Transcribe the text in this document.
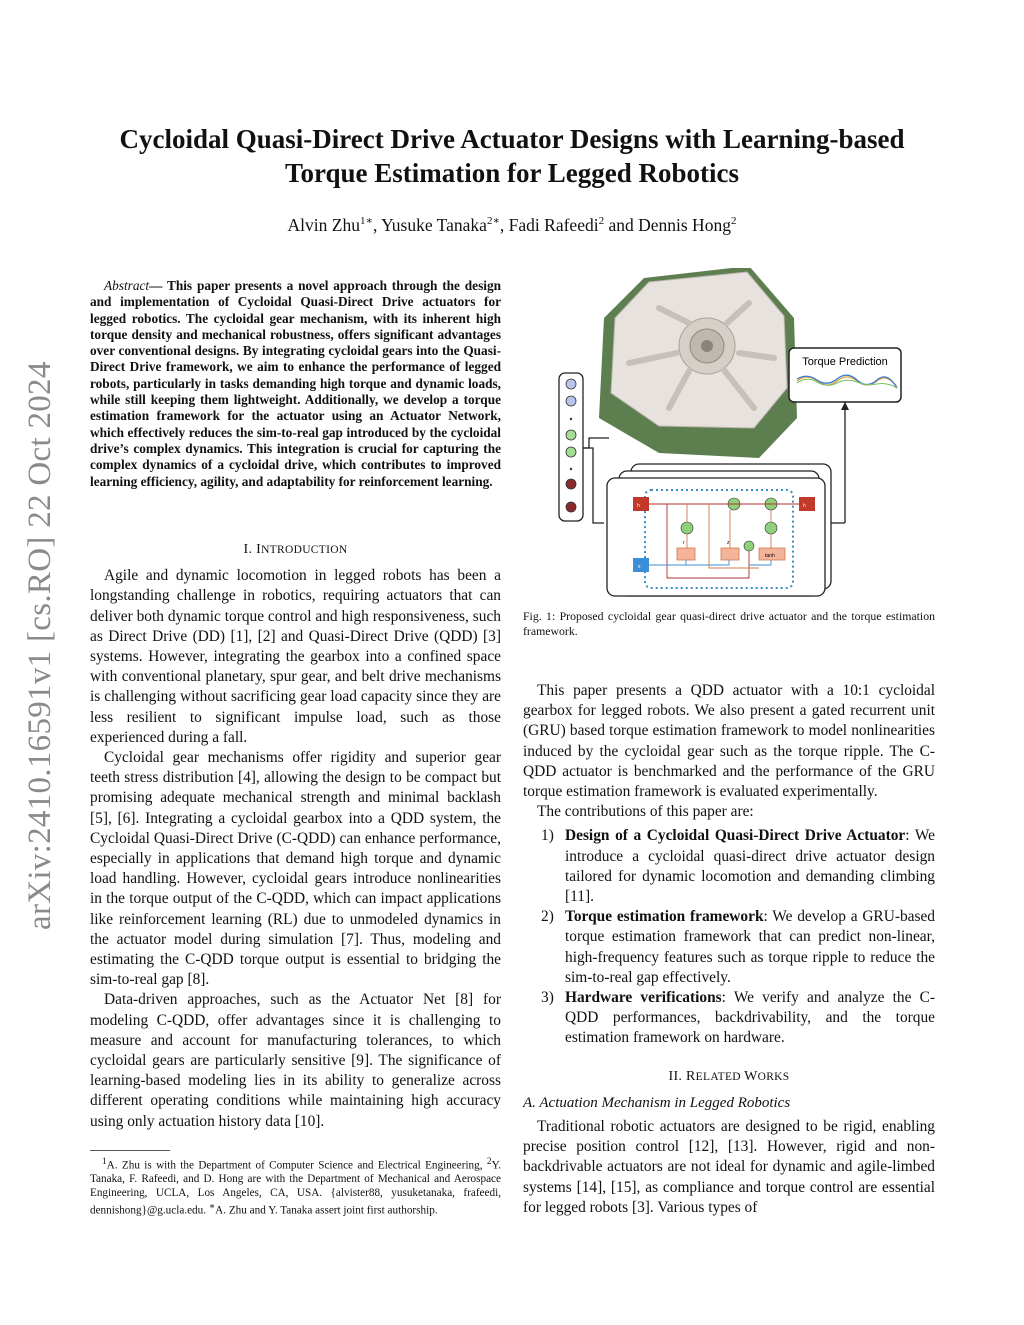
arXiv:2410.16591v1 [cs.RO] 22 Oct 2024
Cycloidal Quasi-Direct Drive Actuator Designs with Learning-based
Torque Estimation for Legged Robotics
Alvin Zhu$^{1∗}$, Yusuke Tanaka$^{2∗}$, Fadi Rafeedi$^2$ and Dennis Hong$^2$
Abstract— This paper presents a novel approach through the design and implementation of Cycloidal Quasi-Direct Drive actuators for legged robotics. The cycloidal gear mechanism, with its inherent high torque density and mechanical robustness, offers significant advantages over conventional designs. By integrating cycloidal gears into the Quasi-Direct Drive framework, we aim to enhance the performance of legged robots, particularly in tasks demanding high torque and dynamic loads, while still keeping them lightweight. Additionally, we develop a torque estimation framework for the actuator using an Actuator Network, which effectively reduces the sim-to-real gap introduced by the cycloidal drive’s complex dynamics. This integration is crucial for capturing the complex dynamics of a cycloidal drive, which contributes to improved learning efficiency, agility, and adaptability for reinforcement learning.
I. INTRODUCTION

Agile and dynamic locomotion in legged robots has been a longstanding challenge in robotics, requiring actuators that can deliver both dynamic torque control and high responsiveness, such as Direct Drive (DD) [1], [2] and Quasi-Direct Drive (QDD) [3] systems. However, integrating the gearbox into a confined space with conventional planetary, spur gear, and belt drive mechanisms is challenging without sacrificing gear load capacity since they are less resilient to significant impulse load, such as those experienced during a fall.

Cycloidal gear mechanisms offer rigidity and superior gear teeth stress distribution [4], allowing the design to be compact but promising adequate mechanical strength and minimal backlash [5], [6]. Integrating a cycloidal gearbox into a QDD system, the Cycloidal Quasi-Direct Drive (C-QDD) can enhance performance, especially in applications that demand high torque and dynamic load handling. However, cycloidal gears introduce nonlinearities in the torque output of the C-QDD, which can impact applications like reinforcement learning (RL) due to unmodeled dynamics in the actuator model during simulation [7]. Thus, modeling and estimating the C-QDD torque output is essential to bridging the sim-to-real gap [8].

Data-driven approaches, such as the Actuator Net [8] for modeling C-QDD, offer advantages since it is challenging to measure and account for manufacturing tolerances, to which cycloidal gears are particularly sensitive [9]. The significance of learning-based modeling lies in its ability to generalize across different operating conditions while maintaining high accuracy using only actuation history data [10].

$^1$A. Zhu is with the Department of Computer Science and Electrical Engineering, $^2$Y. Tanaka, F. Rafeedi, and D. Hong are with the Department of Mechanical and Aerospace Engineering, UCLA, Los Angeles, CA, USA. {alvister88, yusuketanaka, frafeedi, dennishong}@g.ucla.edu. ∗A. Zhu and Y. Tanaka assert joint first authorship.
Torque Prediction
h
x
h
r	z
tanh
Fig. 1: Proposed cycloidal gear quasi-direct drive actuator and the torque estimation framework.

This paper presents a QDD actuator with a 10:1 cycloidal gearbox for legged robots. We also present a gated recurrent unit (GRU) based torque estimation framework to model nonlinearities induced by the cycloidal gear such as the torque ripple. The C-QDD actuator is benchmarked and the performance of the GRU torque estimation framework is evaluated experimentally.

The contributions of this paper are:

1) Design of a Cycloidal Quasi-Direct Drive Actuator: We introduce a cycloidal quasi-direct drive actuator design tailored for dynamic locomotion and demanding climbing [11].
2) Torque estimation framework: We develop a GRU-based torque estimation framework that can predict non-linear, high-frequency features such as torque ripple to reduce the sim-to-real gap effectively.
3) Hardware verifications: We verify and analyze the C-QDD performances, backdrivability, and the torque estimation framework on hardware.
II. RELATED WORKS
A. Actuation Mechanism in Legged Robotics

Traditional robotic actuators are designed to be rigid, enabling precise position control [12], [13]. However, rigid and non-backdrivable actuators are not ideal for dynamic and agile-limbed systems [14], [15], as compliance and torque control are essential for legged robots [3]. Various types of
